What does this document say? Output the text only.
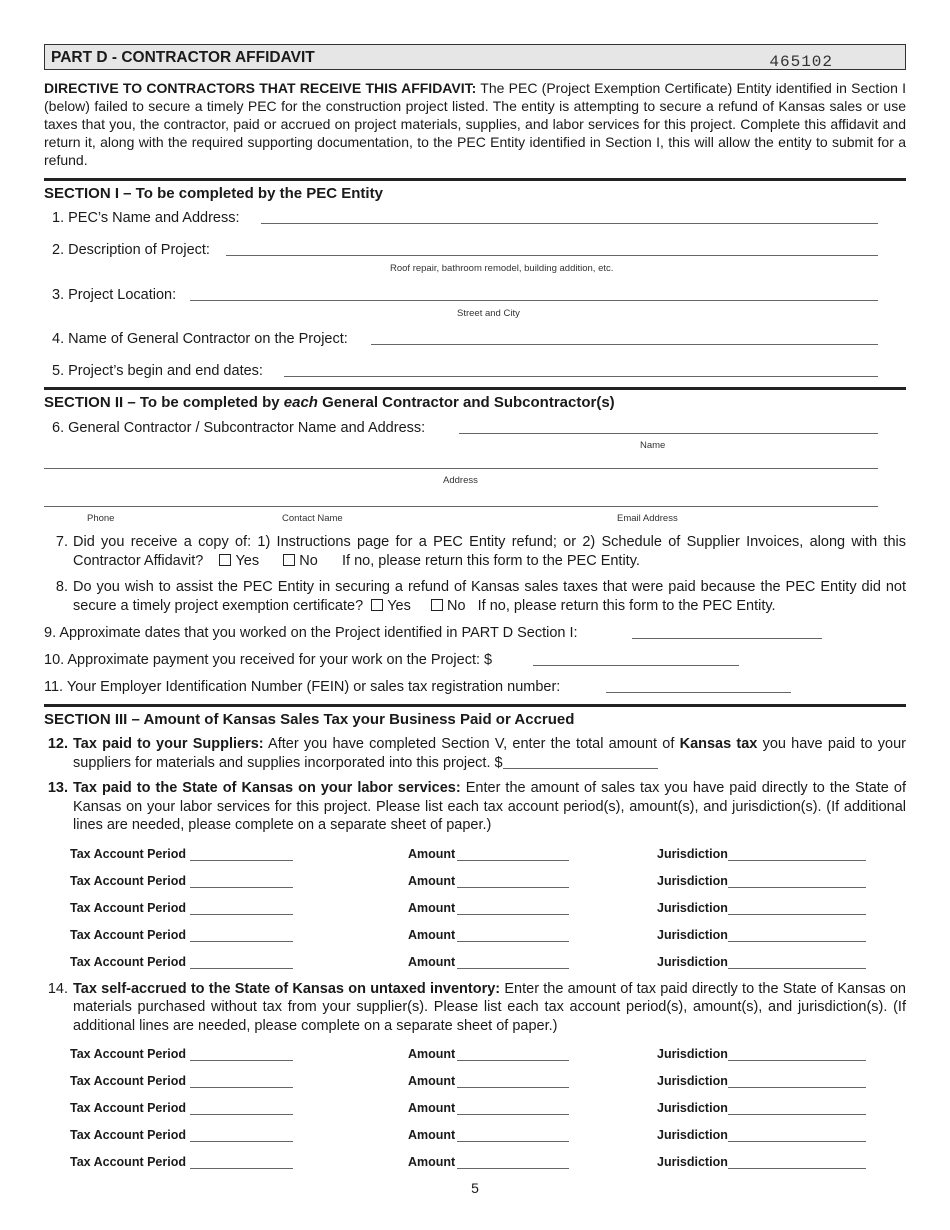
PART D - CONTRACTOR AFFIDAVIT	465102
DIRECTIVE TO CONTRACTORS THAT RECEIVE THIS AFFIDAVIT: The PEC (Project Exemption Certificate) Entity identified in Section I (below) failed to secure a timely PEC for the construction project listed. The entity is attempting to secure a refund of Kansas sales or use taxes that you, the contractor, paid or accrued on project materials, supplies, and labor services for this project. Complete this affidavit and return it, along with the required supporting documentation, to the PEC Entity identified in Section I, this will allow the entity to submit for a refund.
SECTION I – To be completed by the PEC Entity
1. PEC’s Name and Address:
2. Description of Project:
Roof repair, bathroom remodel, building addition, etc.
3. Project Location:
Street and City
4. Name of General Contractor on the Project:
5. Project’s begin and end dates:
SECTION II – To be completed by each General Contractor and Subcontractor(s)
6. General Contractor / Subcontractor Name and Address:
Name
Address
Phone	Contact Name	Email Address
7. Did you receive a copy of: 1) Instructions page for a PEC Entity refund; or 2) Schedule of Supplier Invoices, along with this Contractor Affidavit? Yes	No If no, please return this form to the PEC Entity.
8. Do you wish to assist the PEC Entity in securing a refund of Kansas sales taxes that were paid because the PEC Entity did not secure a timely project exemption certificate? Yes No If no, please return this form to the PEC Entity.
9. Approximate dates that you worked on the Project identified in PART D Section I:
10. Approximate payment you received for your work on the Project: $
11. Your Employer Identification Number (FEIN) or sales tax registration number:
SECTION III – Amount of Kansas Sales Tax your Business Paid or Accrued
12. Tax paid to your Suppliers: After you have completed Section V, enter the total amount of Kansas tax you have paid to your suppliers for materials and supplies incorporated into this project. $
13. Tax paid to the State of Kansas on your labor services: Enter the amount of sales tax you have paid directly to the State of Kansas on your labor services for this project. Please list each tax account period(s), amount(s), and jurisdiction(s). (If additional lines are needed, please complete on a separate sheet of paper.)
Tax Account Period	Amount	Jurisdiction
Tax Account Period	Amount	Jurisdiction
Tax Account Period	Amount	Jurisdiction
Tax Account Period	Amount	Jurisdiction
Tax Account Period	Amount	Jurisdiction
14. Tax self-accrued to the State of Kansas on untaxed inventory: Enter the amount of tax paid directly to the State of Kansas on materials purchased without tax from your supplier(s). Please list each tax account period(s), amount(s), and jurisdiction(s). (If additional lines are needed, please complete on a separate sheet of paper.)
Tax Account Period	Amount	Jurisdiction
Tax Account Period	Amount	Jurisdiction
Tax Account Period	Amount	Jurisdiction
Tax Account Period	Amount	Jurisdiction
Tax Account Period	Amount	Jurisdiction
5
